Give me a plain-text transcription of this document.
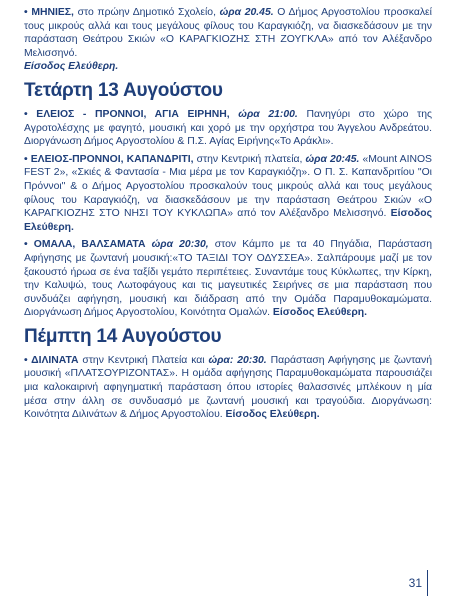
• ΜΗΝΙΕΣ, στο πρώην Δημοτικό Σχολείο, ώρα 20.45. Ο Δήμος Αργοστολίου προσκαλεί τους μικρούς αλλά και τους μεγάλους φίλους του Καραγκιόζη, να διασκεδάσουν με την παράσταση Θεάτρου Σκιών «Ο ΚΑΡΑΓΚΙΟΖΗΣ ΣΤΗ ΖΟΥΓΚΛΑ» από τον Αλέξανδρο Μελισσηνό.
Είσοδος Ελεύθερη.

Τετάρτη 13 Αυγούστου

• ΕΛΕΙΟΣ - ΠΡΟΝΝΟΙ, ΑΓΙΑ ΕΙΡΗΝΗ, ώρα 21:00. Πανηγύρι στο χώρο της Αγροτολέσχης με φαγητό, μουσική και χορό με την ορχήστρα του Άγγελου Ανδρεάτου. Διοργάνωση Δήμος Αργοστολίου & Π.Σ. Αγίας Ειρήνης«Το Αράκλι».

• ΕΛΕΙΟΣ-ΠΡΟΝΝΟΙ, ΚΑΠΑΝΔΡΙΤΙ, στην Κεντρική πλατεία, ώρα 20:45. «Mount AINOS FEST 2», «Σκιές & Φαντασία - Μια μέρα με τον Καραγκιόζη». Ο Π. Σ. Καπανδριτίου "Οι Πρόννοι" & ο Δήμος Αργοστολίου προσκαλούν τους μικρούς αλλά και τους μεγάλους φίλους του Καραγκιόζη, να διασκεδάσουν με την παράσταση Θεάτρου Σκιών «Ο ΚΑΡΑΓΚΙΟΖΗΣ ΣΤΟ ΝΗΣΙ ΤΟΥ ΚΥΚΛΩΠΑ» από τον Αλέξανδρο Μελισσηνό. Είσοδος Ελεύθερη.

• ΟΜΑΛΑ, ΒΑΛΣΑΜΑΤΑ ώρα 20:30, στον Κάμπο με τα 40 Πηγάδια, Παράσταση Αφήγησης με ζωντανή μουσική:«ΤΟ ΤΑΞΙΔΙ ΤΟΥ ΟΔΥΣΣΕΑ». Σαλπάρουμε μαζί με τον ξακουστό ήρωα σε ένα ταξίδι γεμάτο περιπέτειες. Συναντάμε τους Κύκλωπες, την Κίρκη, την Καλυψώ, τους Λωτοφάγους και τις μαγευτικές Σειρήνες σε μια παράσταση που συνδυάζει αφήγηση, μουσική και διάδραση από την Ομάδα Παραμυθοκαμώματα. Διοργάνωση Δήμος Αργοστολίου, Κοινότητα Ομαλών. Είσοδος Ελεύθερη.

Πέμπτη 14 Αυγούστου

• ΔΙΛΙΝΑΤΑ στην Κεντρική Πλατεία και ώρα: 20:30. Παράσταση Αφήγησης με ζωντανή μουσική «ΠΛΑΤΣΟΥΡΙΖΟΝΤΑΣ». Η ομάδα αφήγησης Παραμυθοκαμώματα παρουσιάζει μια καλοκαιρινή αφηγηματική παράσταση όπου ιστορίες θαλασσινές μπλέκουν η μία μέσα στην άλλη σε συνδυασμό με ζωντανή μουσική και τραγούδια. Διοργάνωση: Κοινότητα Διλινάτων & Δήμος Αργοστολίου. Είσοδος Ελεύθερη.

31
